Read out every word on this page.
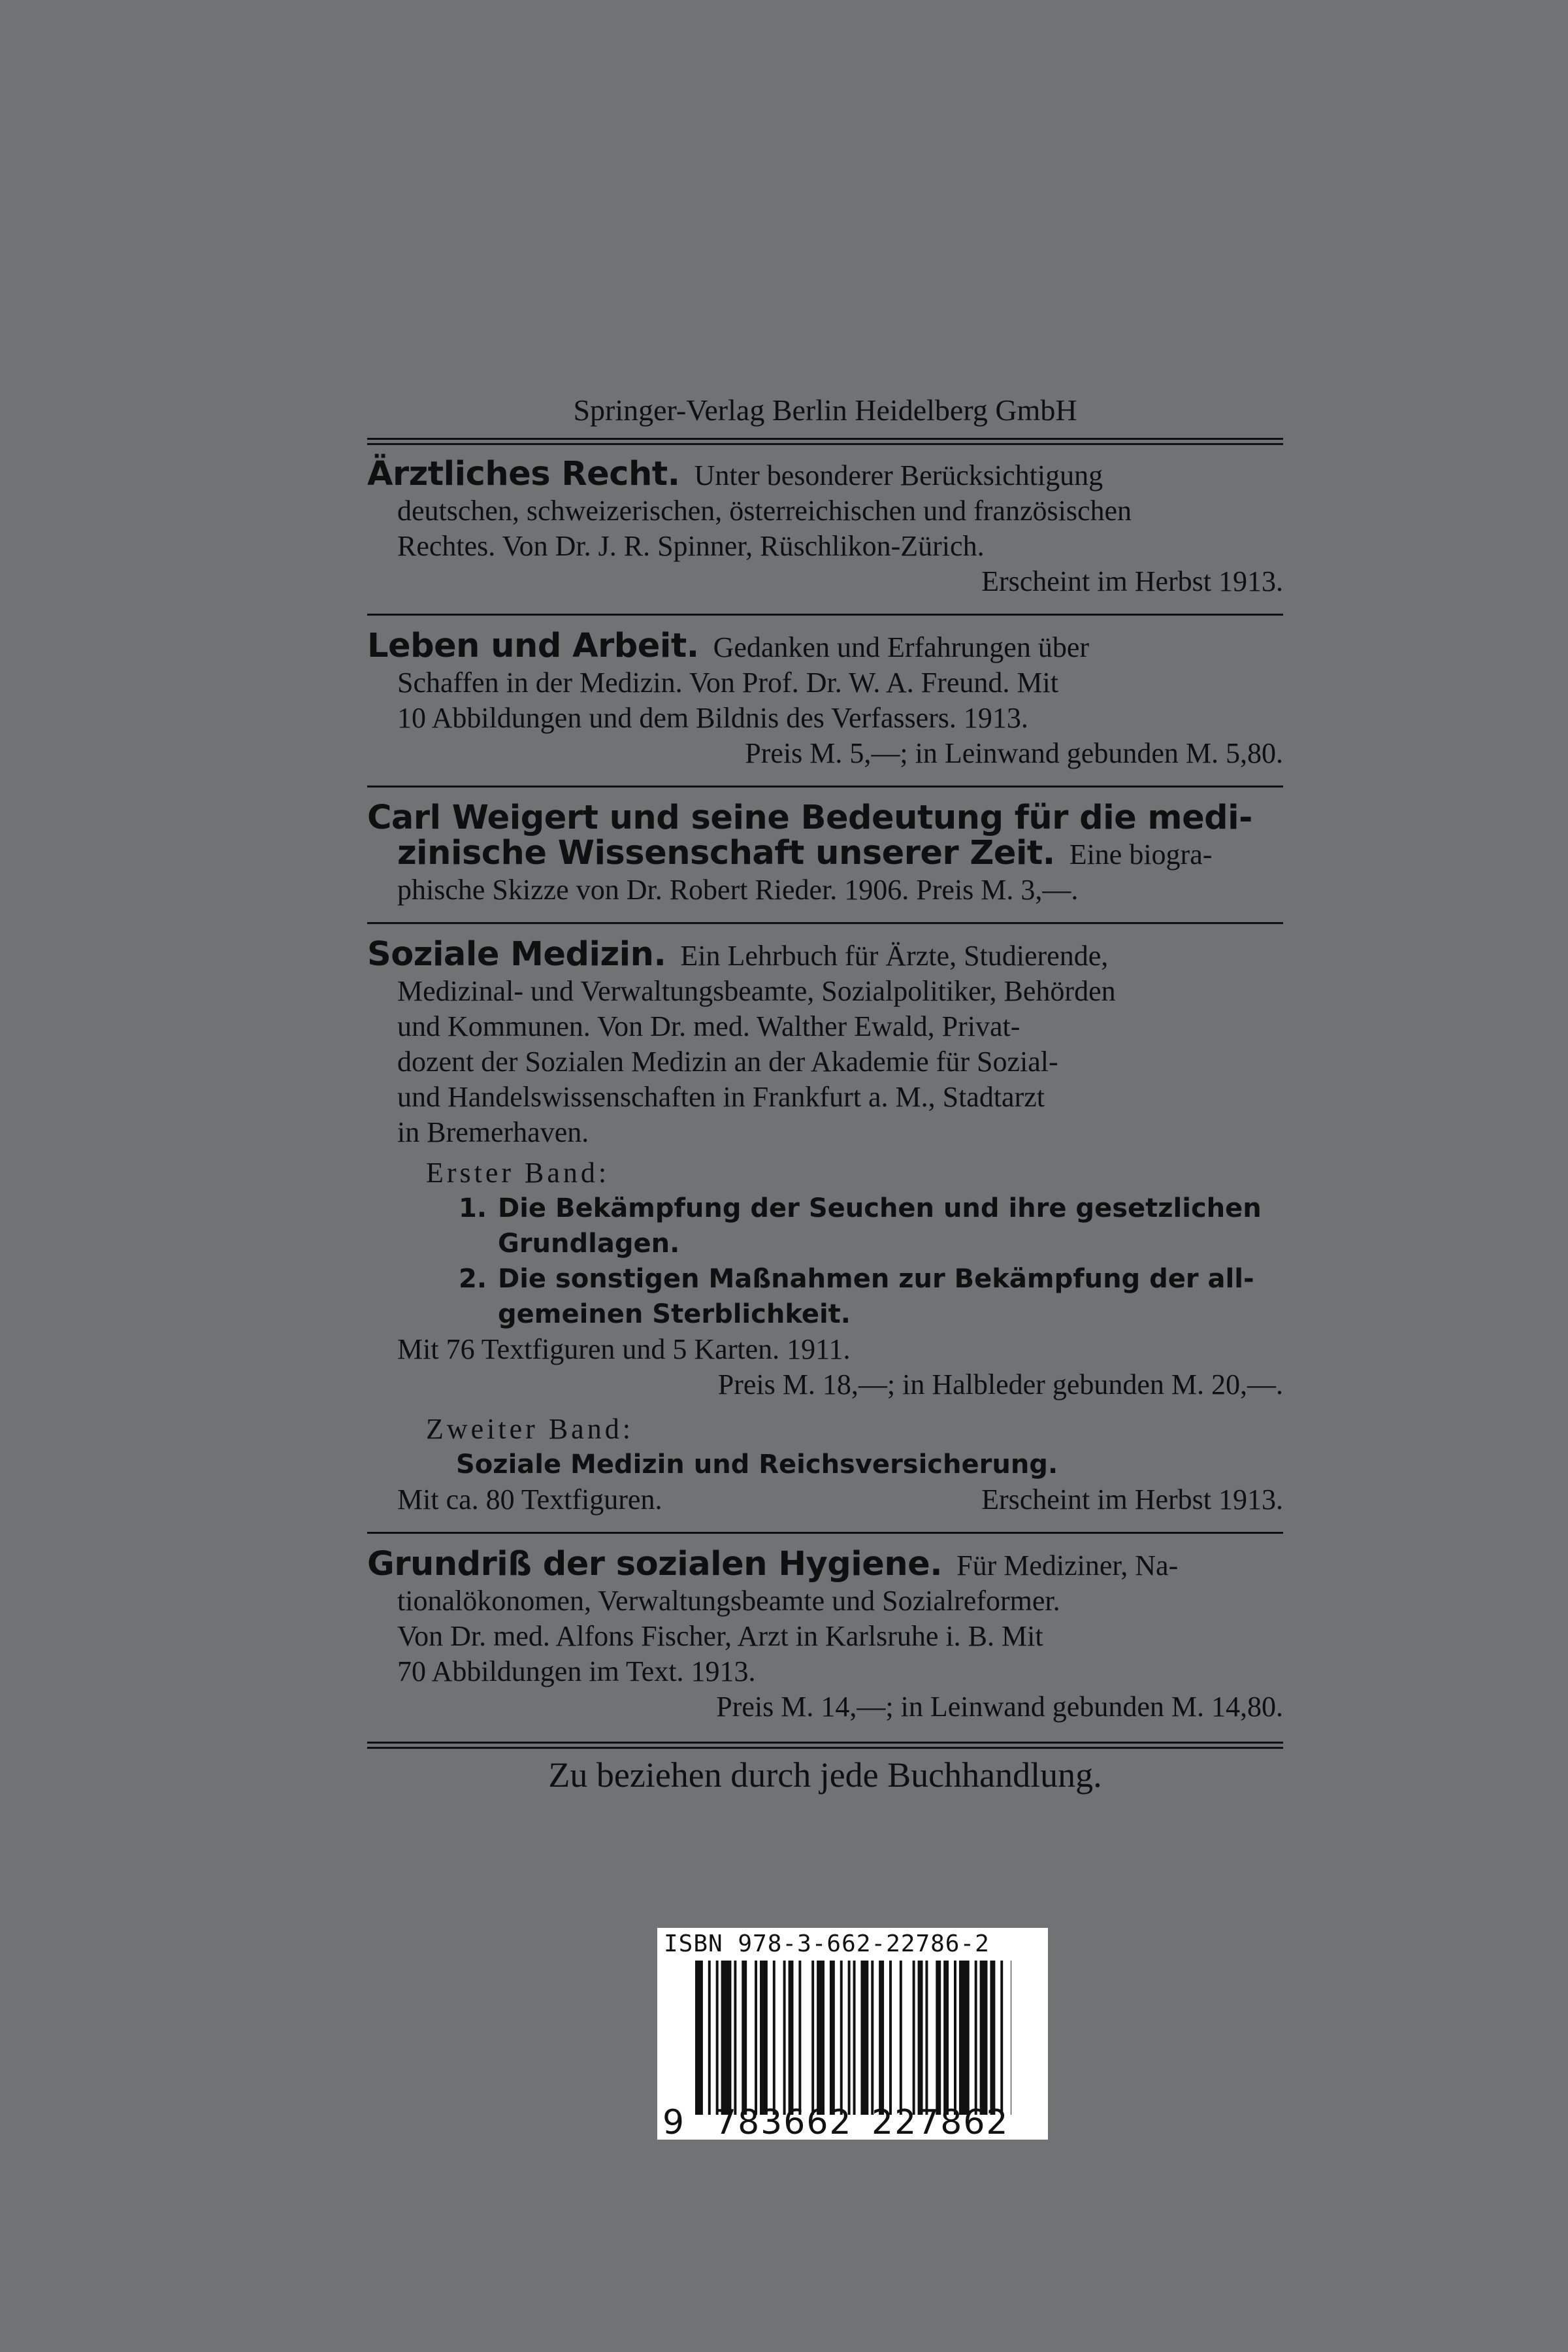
Springer-Verlag Berlin Heidelberg GmbH

Ärztliches Recht. Unter besonderer Berücksichtigung

deutschen, schweizerischen, österreichischen und französischen

Rechtes. Von Dr. J. R. Spinner, Rüschlikon-Zürich.

Erscheint im Herbst 1913.

Leben und Arbeit. Gedanken und Erfahrungen über

Schaffen in der Medizin. Von Prof. Dr. W. A. Freund. Mit

10 Abbildungen und dem Bildnis des Verfassers. 1913.

Preis M. 5,—; in Leinwand gebunden M. 5,80.

Carl Weigert und seine Bedeutung für die medi-

zinische Wissenschaft unserer Zeit. Eine biogra-

phische Skizze von Dr. Robert Rieder. 1906. Preis M. 3,—.

Soziale Medizin. Ein Lehrbuch für Ärzte, Studierende,

Medizinal- und Verwaltungsbeamte, Sozialpolitiker, Behörden

und Kommunen. Von Dr. med. Walther Ewald, Privat-

dozent der Sozialen Medizin an der Akademie für Sozial-

und Handelswissenschaften in Frankfurt a. M., Stadtarzt

in Bremerhaven.

Erster Band:

1. Die Bekämpfung der Seuchen und ihre gesetzlichen

Grundlagen.

2. Die sonstigen Maßnahmen zur Bekämpfung der all-

gemeinen Sterblichkeit.

Mit 76 Textfiguren und 5 Karten. 1911.

Preis M. 18,—; in Halbleder gebunden M. 20,—.

Zweiter Band:

Soziale Medizin und Reichsversicherung.

Mit ca. 80 Textfiguren.	Erscheint im Herbst 1913.

Grundriß der sozialen Hygiene. Für Mediziner, Na-

tionalökonomen, Verwaltungsbeamte und Sozialreformer.

Von Dr. med. Alfons Fischer, Arzt in Karlsruhe i. B. Mit

70 Abbildungen im Text. 1913.

Preis M. 14,—; in Leinwand gebunden M. 14,80.

Zu beziehen durch jede Buchhandlung.

ISBN 978-3-662-22786-2
9 783662 227862
